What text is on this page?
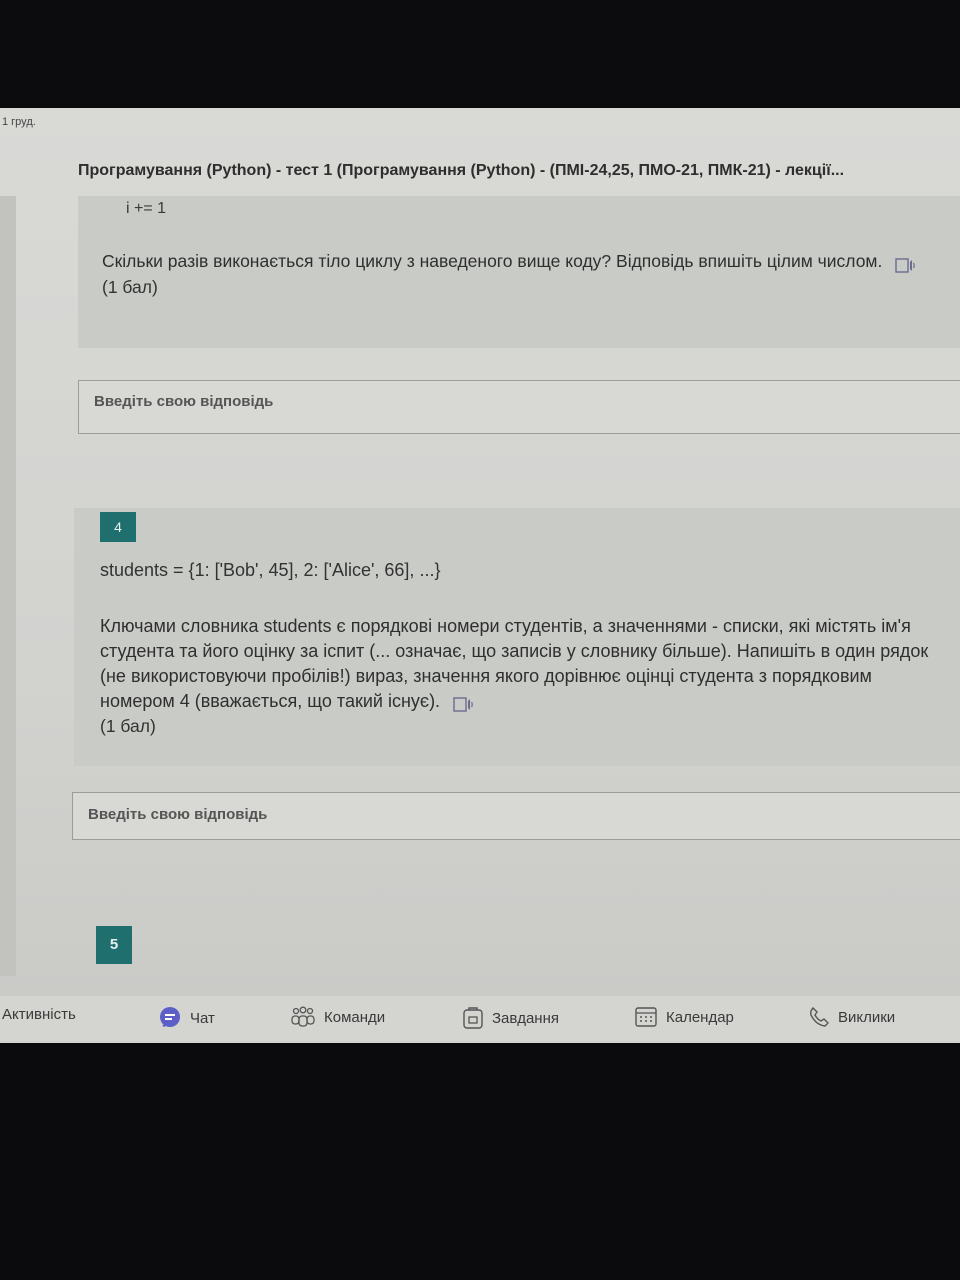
1 груд.
Програмування (Python) - тест 1 (Програмування (Python) - (ПМІ-24,25, ПМО-21, ПМК-21) - лекції...
i += 1
Скільки разів виконається тіло циклу з наведеного вище коду? Відповідь впишіть цілим числом.
(1 бал)
Введіть свою відповідь
4
students = {1: ['Bob', 45], 2: ['Alice', 66], ...}
Ключами словника students є порядкові номери студентів, а значеннями - списки, які містять ім'я студента та його оцінку за іспит (... означає, що записів у словнику більше). Напишіть в один рядок (не використовуючи пробілів!) вираз, значення якого дорівнює оцінці студента з порядковим номером 4 (вважається, що такий існує).
(1 бал)
Введіть свою відповідь
5
Активність	Чат	Команди	Завдання	Календар	Виклики
